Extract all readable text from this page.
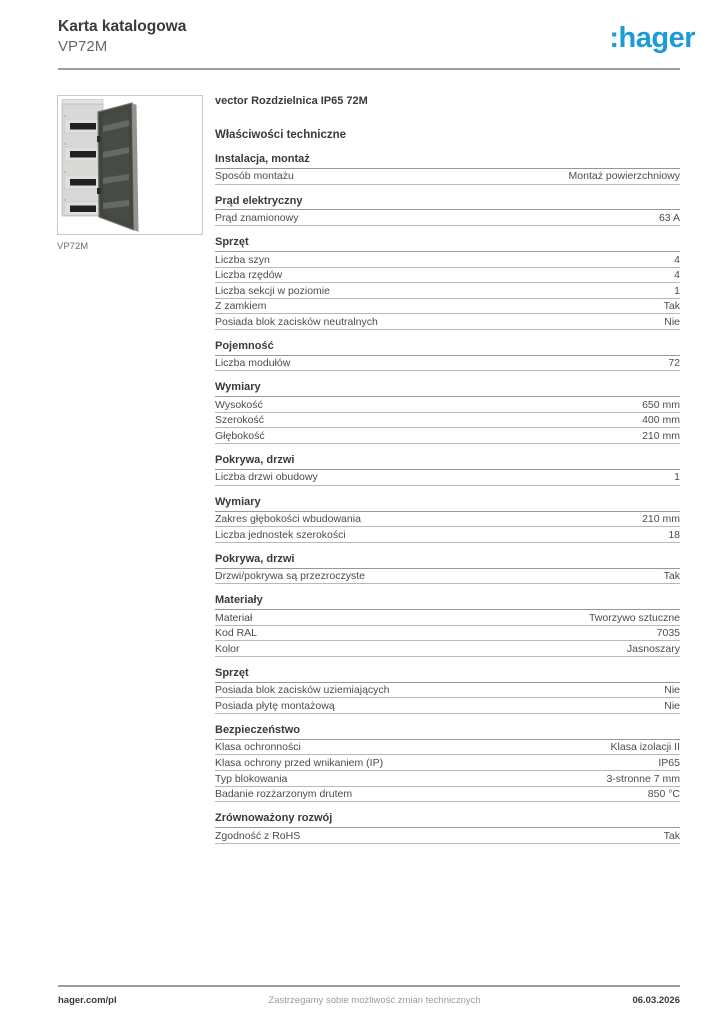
Karta katalogowa
VP72M	:hager
VP72M
vector Rozdzielnica IP65 72M
Właściwości techniczne
Instalacja, montaż
Sposób montażu	Montaż powierzchniowy
Prąd elektryczny
Prąd znamionowy	63 A
Sprzęt
Liczba szyn	4
Liczba rzędów	4
Liczba sekcji w poziomie	1
Z zamkiem	Tak
Posiada blok zacisków neutralnych	Nie
Pojemność
Liczba modułów	72
Wymiary
Wysokość	650 mm
Szerokość	400 mm
Głębokość	210 mm
Pokrywa, drzwi
Liczba drzwi obudowy	1
Wymiary
Zakres głębokości wbudowania	210 mm
Liczba jednostek szerokości	18
Pokrywa, drzwi
Drzwi/pokrywa są przezroczyste	Tak
Materiały
Materiał	Tworzywo sztuczne
Kod RAL	7035
Kolor	Jasnoszary
Sprzęt
Posiada blok zacisków uziemiających	Nie
Posiada płytę montażową	Nie
Bezpieczeństwo
Klasa ochronności	Klasa izolacji II
Klasa ochrony przed wnikaniem (IP)	IP65
Typ blokowania	3-stronne 7 mm
Badanie rozżarzonym drutem	850 °C
Zrównoważony rozwój
Zgodność z RoHS	Tak
hager.com/pl	Zastrzegamy sobie możliwość zmian technicznych	06.03.2026
